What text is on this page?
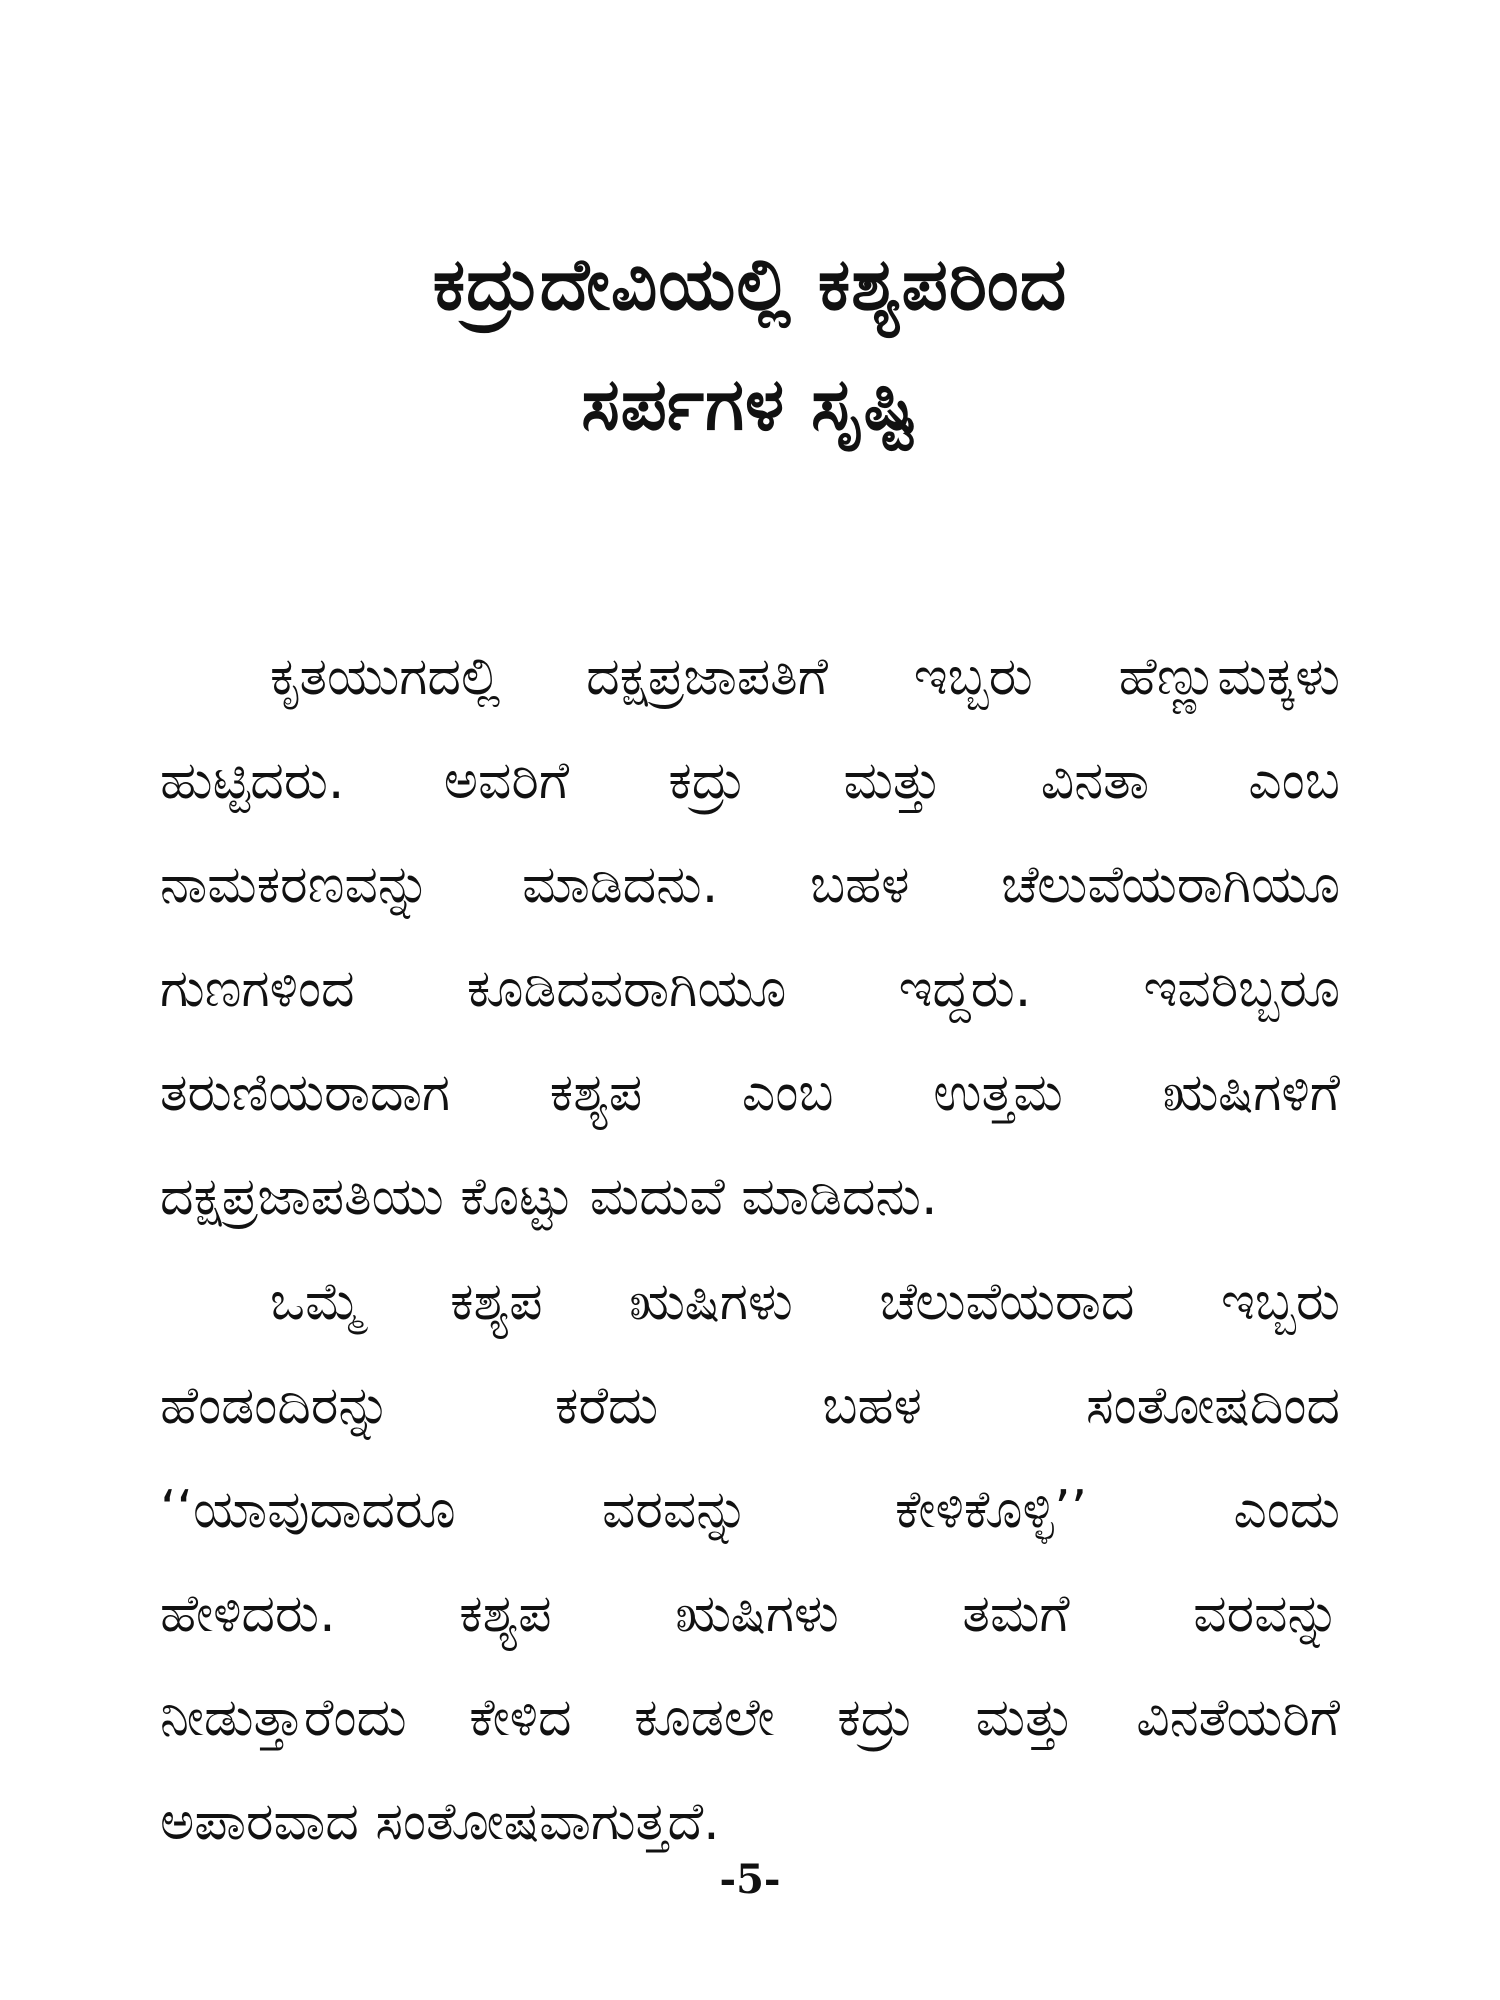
ಕದ್ರುದೇವಿಯಲ್ಲಿ ಕಶ್ಯಪರಿಂದ
ಸರ್ಪಗಳ ಸೃಷ್ಟಿ
ಕೃತಯುಗದಲ್ಲಿ ದಕ್ಷಪ್ರಜಾಪತಿಗೆ ಇಬ್ಬರು ಹೆಣ್ಣುಮಕ್ಕಳು
ಹುಟ್ಟಿದರು. ಅವರಿಗೆ ಕದ್ರು ಮತ್ತು ವಿನತಾ ಎಂಬ
ನಾಮಕರಣವನ್ನು ಮಾಡಿದನು. ಬಹಳ ಚೆಲುವೆಯರಾಗಿಯೂ
ಗುಣಗಳಿಂದ ಕೂಡಿದವರಾಗಿಯೂ ಇದ್ದರು. ಇವರಿಬ್ಬರೂ
ತರುಣಿಯರಾದಾಗ ಕಶ್ಯಪ ಎಂಬ ಉತ್ತಮ ಋಷಿಗಳಿಗೆ
ದಕ್ಷಪ್ರಜಾಪತಿಯು ಕೊಟ್ಟು ಮದುವೆ ಮಾಡಿದನು.
ಒಮ್ಮೆ ಕಶ್ಯಪ ಋಷಿಗಳು ಚೆಲುವೆಯರಾದ ಇಬ್ಬರು
ಹೆಂಡಂದಿರನ್ನು ಕರೆದು ಬಹಳ ಸಂತೋಷದಿಂದ
‘‘ಯಾವುದಾದರೂ ವರವನ್ನು ಕೇಳಿಕೊಳ್ಳಿ’’ ಎಂದು
ಹೇಳಿದರು. ಕಶ್ಯಪ ಋಷಿಗಳು ತಮಗೆ ವರವನ್ನು
ನೀಡುತ್ತಾರೆಂದು ಕೇಳಿದ ಕೂಡಲೇ ಕದ್ರು ಮತ್ತು ವಿನತೆಯರಿಗೆ
ಅಪಾರವಾದ ಸಂತೋಷವಾಗುತ್ತದೆ.
-5-
